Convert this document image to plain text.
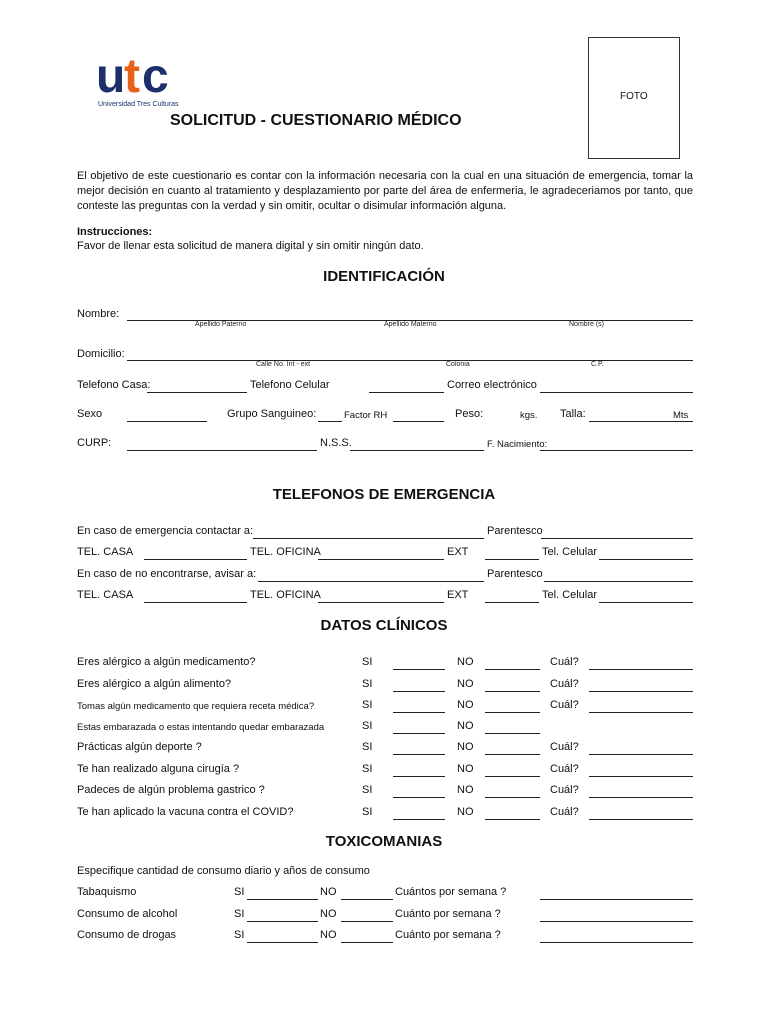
u t c
Universidad Tres Culturas
FOTO
SOLICITUD - CUESTIONARIO MÉDICO
El objetivo de este cuestionario es contar con la información necesaria con la cual en una situación de emergencia, tomar la mejor decisión en cuanto al tratamiento y desplazamiento por parte del área de enfermeria, le agradeceriamos por tanto, que conteste las preguntas con la verdad y sin omitir, ocultar o disimular información alguna.
Instrucciones:
Favor de llenar esta solicitud de manera digital y sin omitir ningún dato.
IDENTIFICACIÓN
Nombre:
Apellido Paterno	Apellido Materno	Nombre (s)
Domicilio:
Calle No. Int - ext	Colonia	C.P.
Telefono Casa:	Telefono Celular	Correo electrónico
Sexo	Grupo Sanguineo:	Factor RH	Peso:	kgs. Talla:	Mts
CURP:	N.S.S.	F. Nacimiento:
TELEFONOS DE EMERGENCIA
En caso de emergencia contactar a:	Parentesco
TEL. CASA	TEL. OFICINA	EXT	Tel. Celular
En caso de no encontrarse, avisar a:	Parentesco
TEL. CASA	TEL. OFICINA	EXT	Tel. Celular
DATOS CLÍNICOS
Eres alérgico a algún medicamento?	SI	NO	Cuál?
Eres alérgico a algún alimento?	SI	NO	Cuál?
Tomas algún medicamento que requiera receta médica?	SI	NO	Cuál?
Estas embarazada o estas intentando quedar embarazada	SI	NO
Prácticas algún deporte ?	SI	NO	Cuál?
Te han realizado alguna cirugía ?	SI	NO	Cuál?
Padeces de algún problema gastrico ?	SI	NO	Cuál?
Te han aplicado la vacuna contra el COVID?	SI	NO	Cuál?
TOXICOMANIAS
Especifique cantidad de consumo diario y años de consumo
Tabaquismo	SI	NO	Cuántos por semana ?
Consumo de alcohol	SI	NO	Cuánto por semana ?
Consumo de drogas	SI	NO	Cuánto por semana ?
